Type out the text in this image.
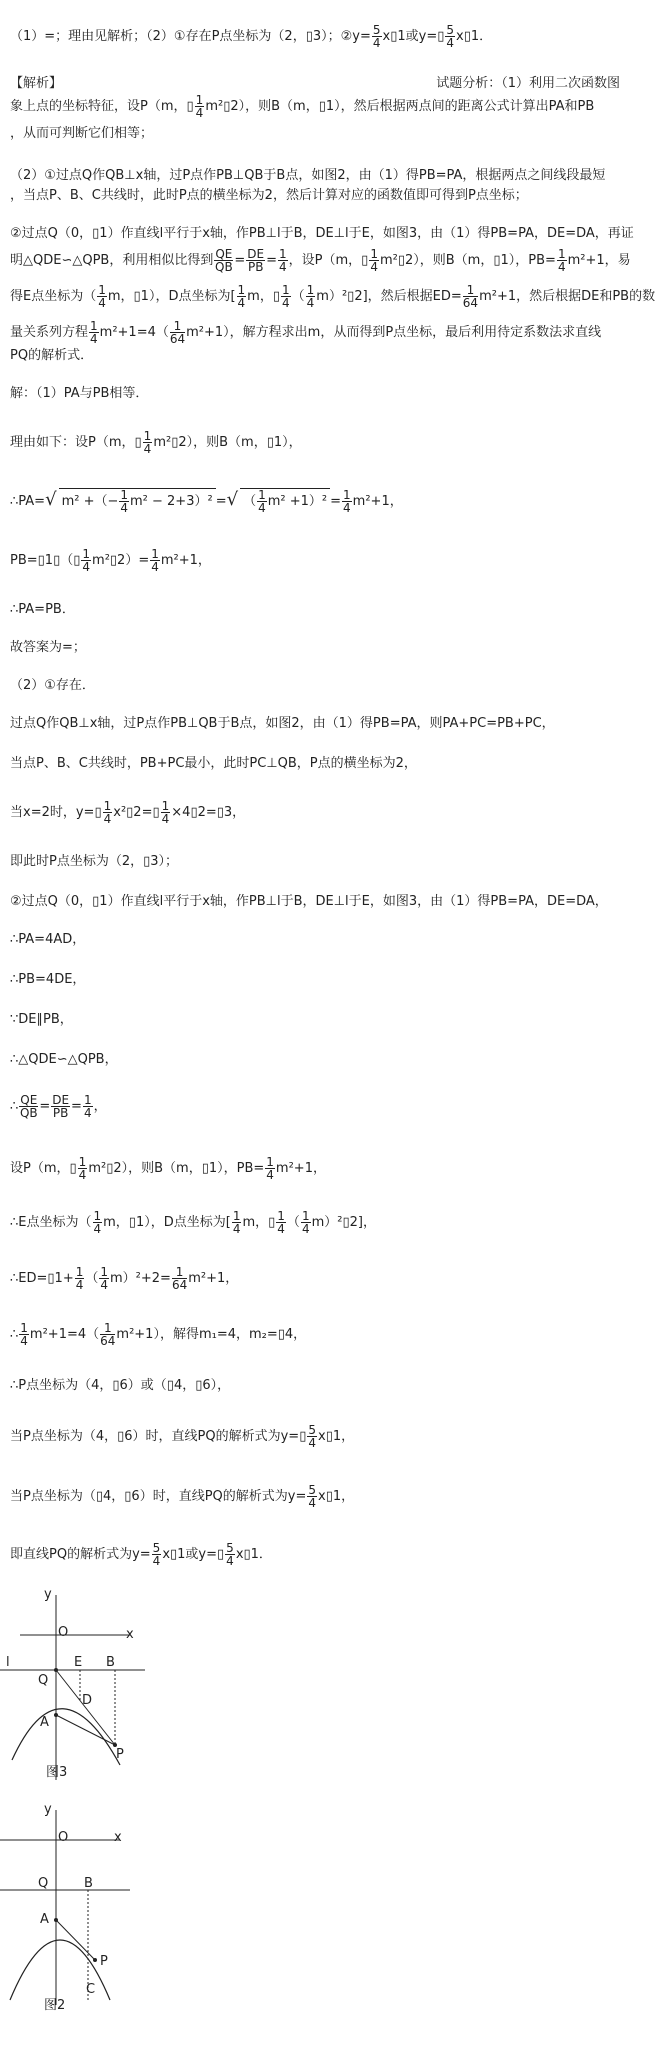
（1）=；理由见解析；（2）①存在P点坐标为（2，▯3）；②y= $\frac{5}{4}$ x▯1或y=▯ $\frac{5}{4}$ x▯1．
【解析】	试题分析：（1）利用二次函数图
象上点的坐标特征，设P（m，▯ $\frac{1}{4}$ m²▯2），则B（m，▯1），然后根据两点间的距离公式计算出PA和PB
，从而可判断它们相等；
（2）①过点Q作QB⊥x轴，过P点作PB⊥QB于B点，如图2，由（1）得PB=PA，根据两点之间线段最短
，当点P、B、C共线时，此时P点的横坐标为2，然后计算对应的函数值即可得到P点坐标；
②过点Q（0，▯1）作直线l平行于x轴，作PB⊥l于B，DE⊥l于E，如图3，由（1）得PB=PA，DE=DA，再证
明△QDE∽△QPB，利用相似比得到 $\frac{QE}{QB} = \frac{DE}{PB} = \frac{1}{4}$ ，设P（m，▯ $\frac{1}{4}$ m²▯2），则B（m，▯1），$PB= \frac{1}{4} m^2+1$，易
得E点坐标为（ $\frac{1}{4}$ m，▯1），D点坐标为[ $\frac{1}{4}$ m，▯ $\frac{1}{4}$ （ $\frac{1}{4}$ m）²▯2]，然后根据$ED= \frac{1}{64} m^2+1$，然后根据DE和PB的数
量关系列方程 $\frac{1}{4} m^2+1=4( \frac{1}{64} m^2+1)$，解方程求出m，从而得到P点坐标，最后利用待定系数法求直线
PQ的解析式．
解：（1）PA与PB相等．
理由如下：设P（m，▯ $\frac{1}{4}$ m²▯2），则B（m，▯1），
∴PA=√ m² +（− $\frac{1}{4} m^2 - 2+3)^2$ =√ （ $\frac{1}{4} m^2 +1)^2 = \frac{1}{4} m^2+1$，
PB=▯1▯（▯ $\frac{1}{4}$ m²▯2）= $\frac{1}{4} m^2+1$，
∴PA=PB．
故答案为=；
（2）①存在．
过点Q作QB⊥x轴，过P点作PB⊥QB于B点，如图2，由（1）得PB=PA，则PA+PC=PB+PC，
当点P、B、C共线时，PB+PC最小，此时PC⊥QB，P点的横坐标为2，
当x=2时，y=▯ $\frac{1}{4}$ x²▯2=▯ $\frac{1}{4}$ ×4▯2=▯3，
即此时P点坐标为（2，▯3）；
②过点Q（0，▯1）作直线l平行于x轴，作PB⊥l于B，DE⊥l于E，如图3，由（1）得PB=PA，DE=DA，
∴PA=4AD，
∴PB=4DE，
∵DE∥PB，
∴△QDE∽△QPB，
∴ $\frac{QE}{QB} = \frac{DE}{PB} = \frac{1}{4}$ ，
设P（m，▯ $\frac{1}{4}$ m²▯2），则B（m，▯1），$PB= \frac{1}{4} m^2+1$，
∴E点坐标为（ $\frac{1}{4}$ m，▯1），D点坐标为[ $\frac{1}{4}$ m，▯ $\frac{1}{4}$ （ $\frac{1}{4}$ m）²▯2]，
∴ED=▯1+ $\frac{1}{4}$ （ $\frac{1}{4} m)^2+2= \frac{1}{64} m^2+1$，
∴ $\frac{1}{4} m^2+1=4( \frac{1}{64} m^2+1)$，解得m₁=4，m₂=▯4，
∴P点坐标为（4，▯6）或（▯4，▯6），
当P点坐标为（4，▯6）时，直线PQ的解析式为y=▯ $\frac{5}{4}$ x▯1，
当P点坐标为（▯4，▯6）时，直线PQ的解析式为$y= \frac{5}{4}$ x▯1，
即直线PQ的解析式为$y= \frac{5}{4}$ x▯1或y=▯ $\frac{5}{4}$ x▯1．
y
x
O
l
Q
E B
D
A
P
图3
y
x
O
Q	B
A
P
C
图2
